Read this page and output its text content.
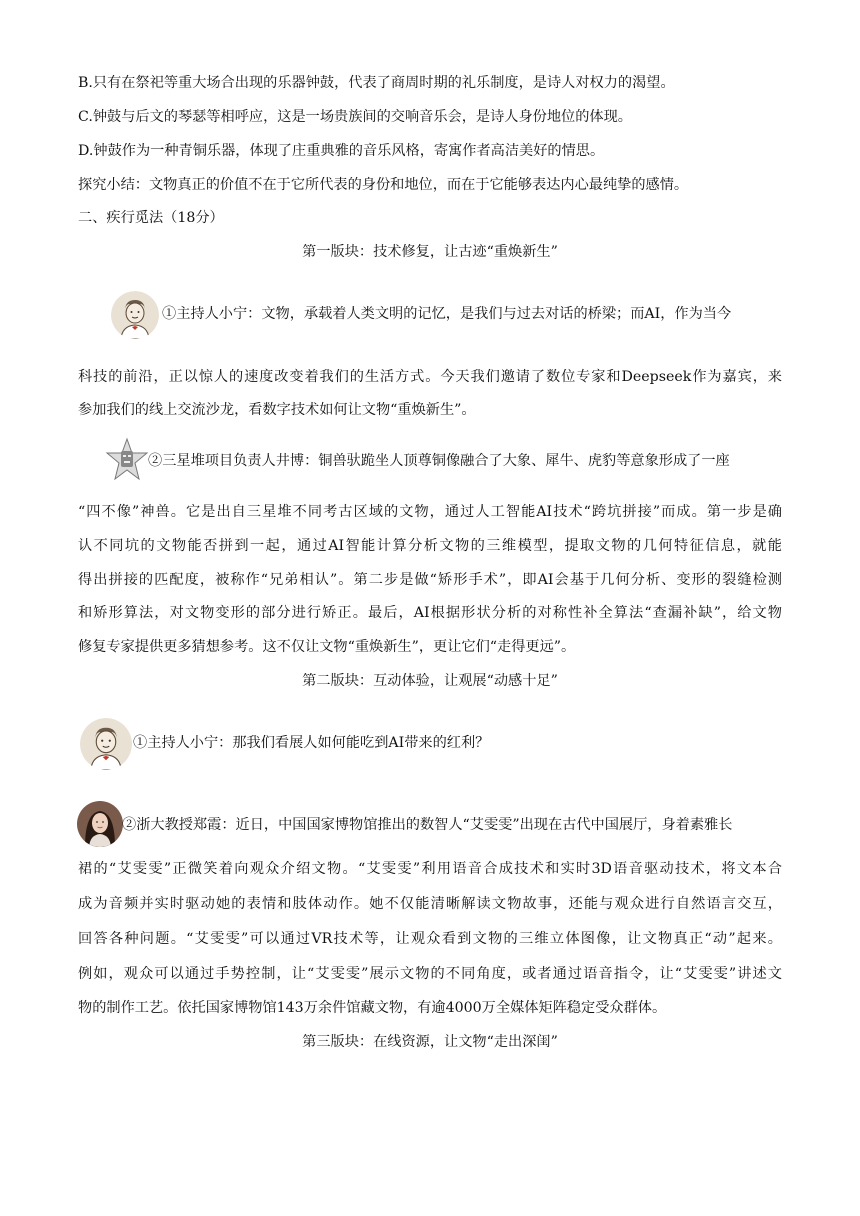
B.只有在祭祀等重大场合出现的乐器钟鼓，代表了商周时期的礼乐制度，是诗人对权力的渴望。
C.钟鼓与后文的琴瑟等相呼应，这是一场贵族间的交响音乐会，是诗人身份地位的体现。
D.钟鼓作为一种青铜乐器，体现了庄重典雅的音乐风格，寄寓作者高洁美好的情思。
探究小结：文物真正的价值不在于它所代表的身份和地位，而在于它能够表达内心最纯挚的感情。
二、疾行觅法（18分）
第一版块：技术修复，让古迹“重焕新生”
①主持人小宁：文物，承载着人类文明的记忆，是我们与过去对话的桥梁；而AI，作为当今
科技的前沿，正以惊人的速度改变着我们的生活方式。今天我们邀请了数位专家和Deepseek作为嘉宾，来
参加我们的线上交流沙龙，看数字技术如何让文物“重焕新生”。
②三星堆项目负责人井博：铜兽驮跪坐人顶尊铜像融合了大象、犀牛、虎豹等意象形成了一座
“四不像”神兽。它是出自三星堆不同考古区域的文物，通过人工智能AI技术“跨坑拼接”而成。第一步是确
认不同坑的文物能否拼到一起，通过AI智能计算分析文物的三维模型，提取文物的几何特征信息，就能
得出拼接的匹配度，被称作“兄弟相认”。第二步是做“矫形手术”，即AI会基于几何分析、变形的裂缝检测
和矫形算法，对文物变形的部分进行矫正。最后，AI根据形状分析的对称性补全算法“查漏补缺”，给文物
修复专家提供更多猜想参考。这不仅让文物“重焕新生”，更让它们“走得更远”。
第二版块：互动体验，让观展“动感十足”
①主持人小宁：那我们看展人如何能吃到AI带来的红利？
②浙大教授郑霞：近日，中国国家博物馆推出的数智人“艾雯雯”出现在古代中国展厅，身着素雅长
裙的“艾雯雯”正微笑着向观众介绍文物。“艾雯雯”利用语音合成技术和实时3D语音驱动技术，将文本合
成为音频并实时驱动她的表情和肢体动作。她不仅能清晰解读文物故事，还能与观众进行自然语言交互，
回答各种问题。“艾雯雯”可以通过VR技术等，让观众看到文物的三维立体图像，让文物真正“动”起来。
例如，观众可以通过手势控制，让“艾雯雯”展示文物的不同角度，或者通过语音指令，让“艾雯雯”讲述文
物的制作工艺。依托国家博物馆143万余件馆藏文物，有逾4000万全媒体矩阵稳定受众群体。
第三版块：在线资源，让文物“走出深闺”
